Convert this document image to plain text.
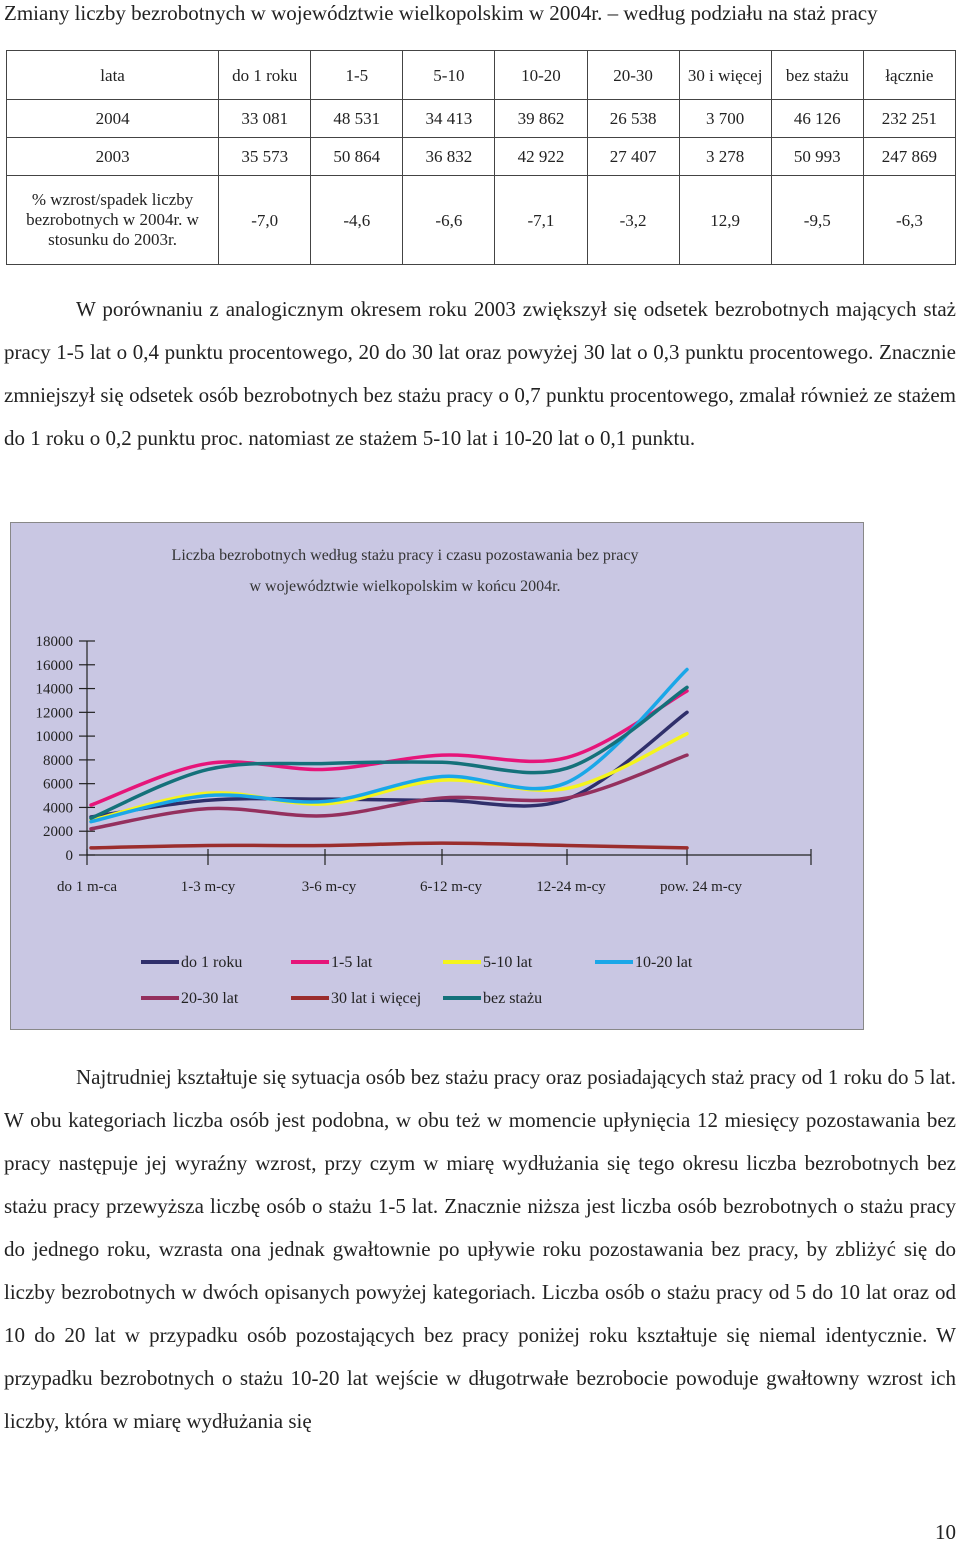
Zmiany liczby bezrobotnych w województwie wielkopolskim w 2004r. – według podziału na staż pracy
lata	do 1 roku	1-5	5-10	10-20	20-30	30 i więcej	bez stażu	łącznie
2004	33 081	48 531	34 413	39 862	26 538	3 700	46 126	232 251
2003	35 573	50 864	36 832	42 922	27 407	3 278	50 993	247 869
% wzrost/spadek liczby bezrobotnych w 2004r. w stosunku do 2003r.	-7,0	-4,6	-6,6	-7,1	-3,2	12,9	-9,5	-6,3
W porównaniu z analogicznym okresem roku 2003 zwiększył się odsetek bezrobotnych mających staż pracy 1-5 lat o 0,4 punktu procentowego, 20 do 30 lat oraz powyżej 30 lat o 0,3 punktu procentowego. Znacznie zmniejszył się odsetek osób bezrobotnych bez stażu pracy o 0,7 punktu procentowego, zmalał również ze stażem do 1 roku o 0,2 punktu proc. natomiast ze stażem 5-10 lat i 10-20 lat o 0,1 punktu.
Liczba bezrobotnych według stażu pracy i czasu pozostawania bez pracy
w województwie wielkopolskim w końcu 2004r.
18000
16000
14000
12000
10000
8000
6000
4000
2000
0
do 1 m-ca	1-3 m-cy	3-6 m-cy	6-12 m-cy	12-24 m-cy	pow. 24 m-cy
do 1 roku	1-5 lat	5-10 lat	10-20 lat
20-30 lat	30 lat i więcej	bez stażu
Najtrudniej kształtuje się sytuacja osób bez stażu pracy oraz posiadających staż pracy od 1 roku do 5 lat. W obu kategoriach liczba osób jest podobna, w obu też w momencie upłynięcia 12 miesięcy pozostawania bez pracy następuje jej wyraźny wzrost, przy czym w miarę wydłużania się tego okresu liczba bezrobotnych bez stażu pracy przewyższa liczbę osób o stażu 1-5 lat. Znacznie niższa jest liczba osób bezrobotnych o stażu pracy do jednego roku, wzrasta ona jednak gwałtownie po upływie roku pozostawania bez pracy, by zbliżyć się do liczby bezrobotnych w dwóch opisanych powyżej kategoriach. Liczba osób o stażu pracy od 5 do 10 lat oraz od 10 do 20 lat w przypadku osób pozostających bez pracy poniżej roku kształtuje się niemal identycznie. W przypadku bezrobotnych o stażu 10-20 lat wejście w długotrwałe bezrobocie powoduje gwałtowny wzrost ich liczby, która w miarę wydłużania się
10
